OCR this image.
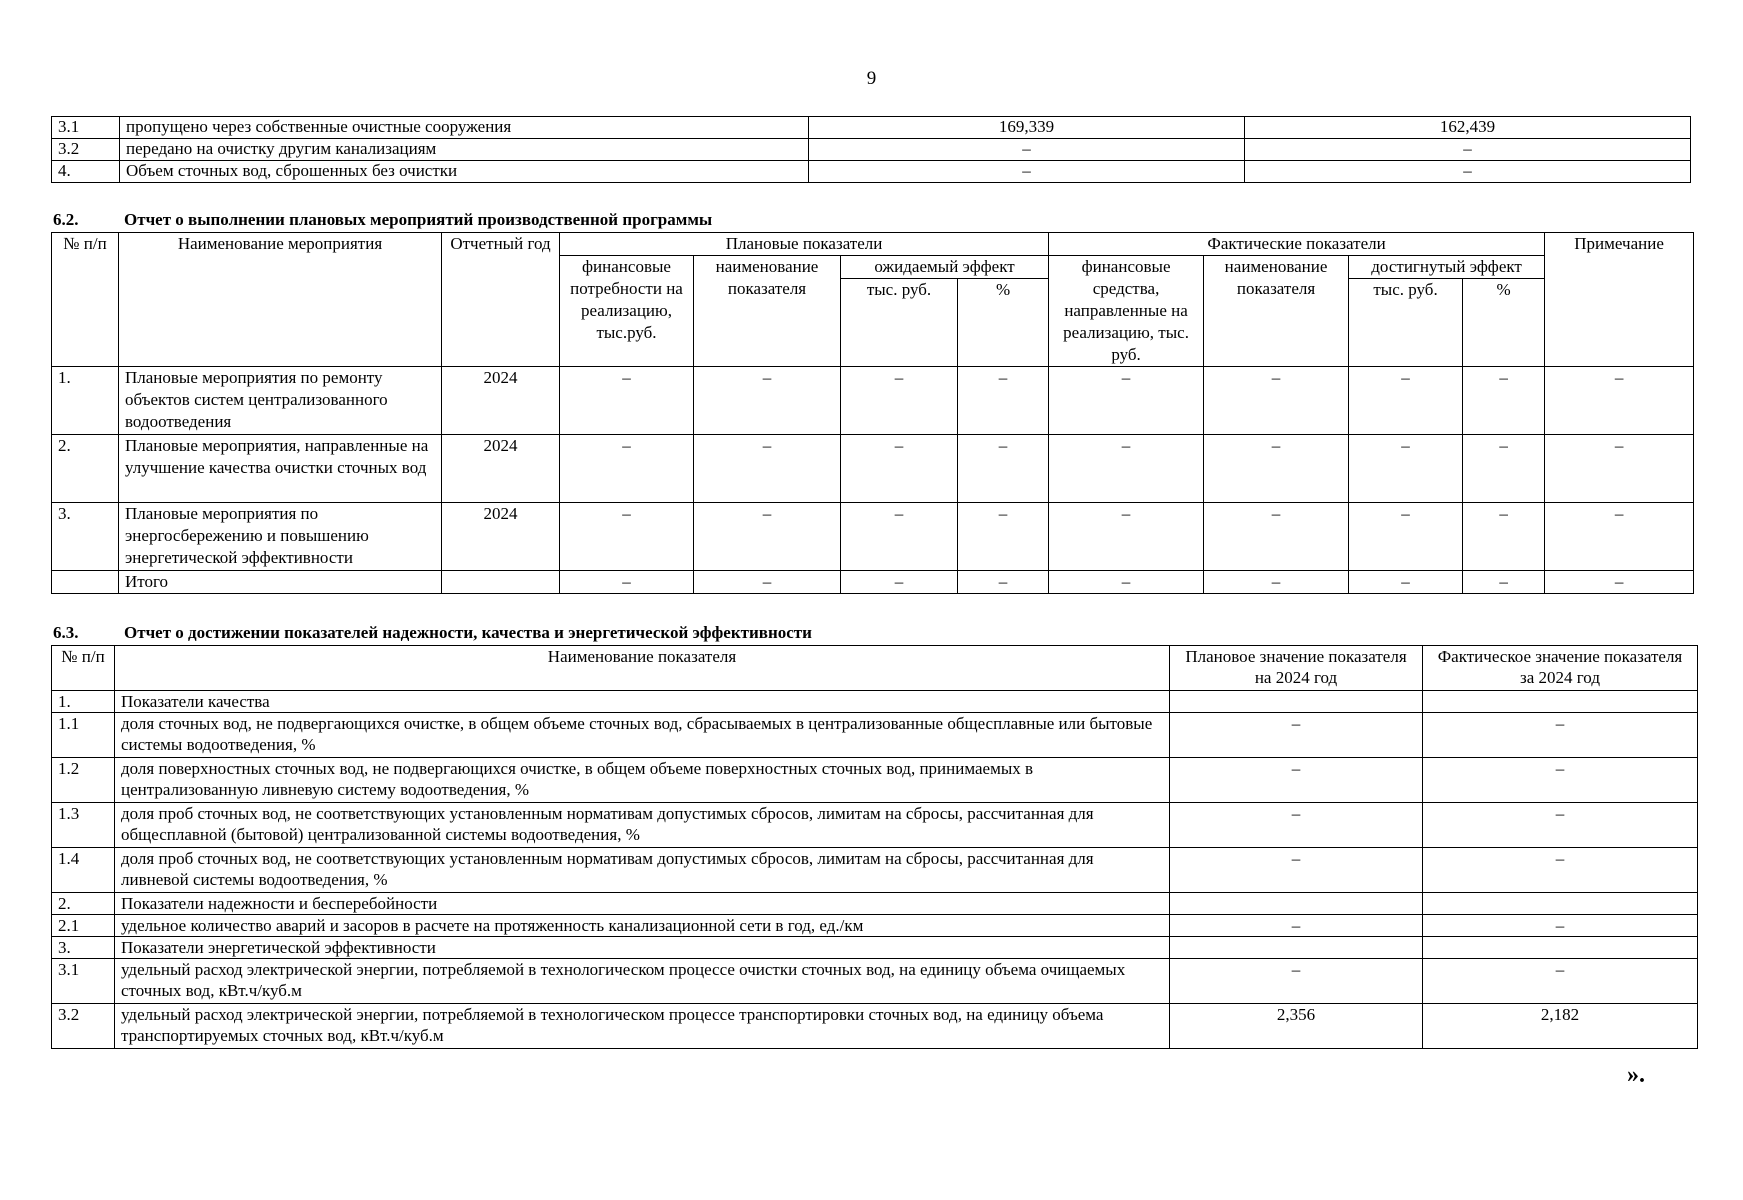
9
3.1	пропущено через собственные очистные сооружения	169,339	162,439
3.2	передано на очистку другим канализациям	–	–
4.	Объем сточных вод, сброшенных без очистки	–	–
6.2.	Отчет о выполнении плановых мероприятий производственной программы
№ п/п	Наименование мероприятия	Отчетный год	Плановые показатели				Фактические показатели				Примечание
			финансовые потребности на реализацию, тыс.руб.	наименование показателя	ожидаемый эффект		финансовые средства, направленные на реализацию, тыс. руб.	наименование показателя	достигнутый эффект		
					тыс. руб.	%			тыс. руб.	%	
1.	Плановые мероприятия по ремонту объектов систем централизованного водоотведения	2024	–	–	–	–	–	–	–	–	–
2.	Плановые мероприятия, направленные на улучшение качества очистки сточных вод	2024	–	–	–	–	–	–	–	–	–
3.	Плановые мероприятия по энергосбережению и повышению энергетической эффективности	2024	–	–	–	–	–	–	–	–	–
	Итого		–	–	–	–	–	–	–	–	–
6.3.	Отчет о достижении показателей надежности, качества и энергетической эффективности
№ п/п	Наименование показателя	Плановое значение показателя на 2024 год	Фактическое значение показателя за 2024 год
1.	Показатели качества		
1.1	доля сточных вод, не подвергающихся очистке, в общем объеме сточных вод, сбрасываемых в централизованные общесплавные или бытовые системы водоотведения, %	–	–
1.2	доля поверхностных сточных вод, не подвергающихся очистке, в общем объеме поверхностных сточных вод, принимаемых в централизованную ливневую систему водоотведения, %	–	–
1.3	доля проб сточных вод, не соответствующих установленным нормативам допустимых сбросов, лимитам на сбросы, рассчитанная для общесплавной (бытовой) централизованной системы водоотведения, %	–	–
1.4	доля проб сточных вод, не соответствующих установленным нормативам допустимых сбросов, лимитам на сбросы, рассчитанная для ливневой системы водоотведения, %	–	–
2.	Показатели надежности и бесперебойности		
2.1	удельное количество аварий и засоров в расчете на протяженность канализационной сети в год, ед./км	–	–
3.	Показатели энергетической эффективности		
3.1	удельный расход электрической энергии, потребляемой в технологическом процессе очистки сточных вод, на единицу объема очищаемых сточных вод, кВт.ч/куб.м	–	–
3.2	удельный расход электрической энергии, потребляемой в технологическом процессе транспортировки сточных вод, на единицу объема транспортируемых сточных вод, кВт.ч/куб.м	2,356	2,182
».
